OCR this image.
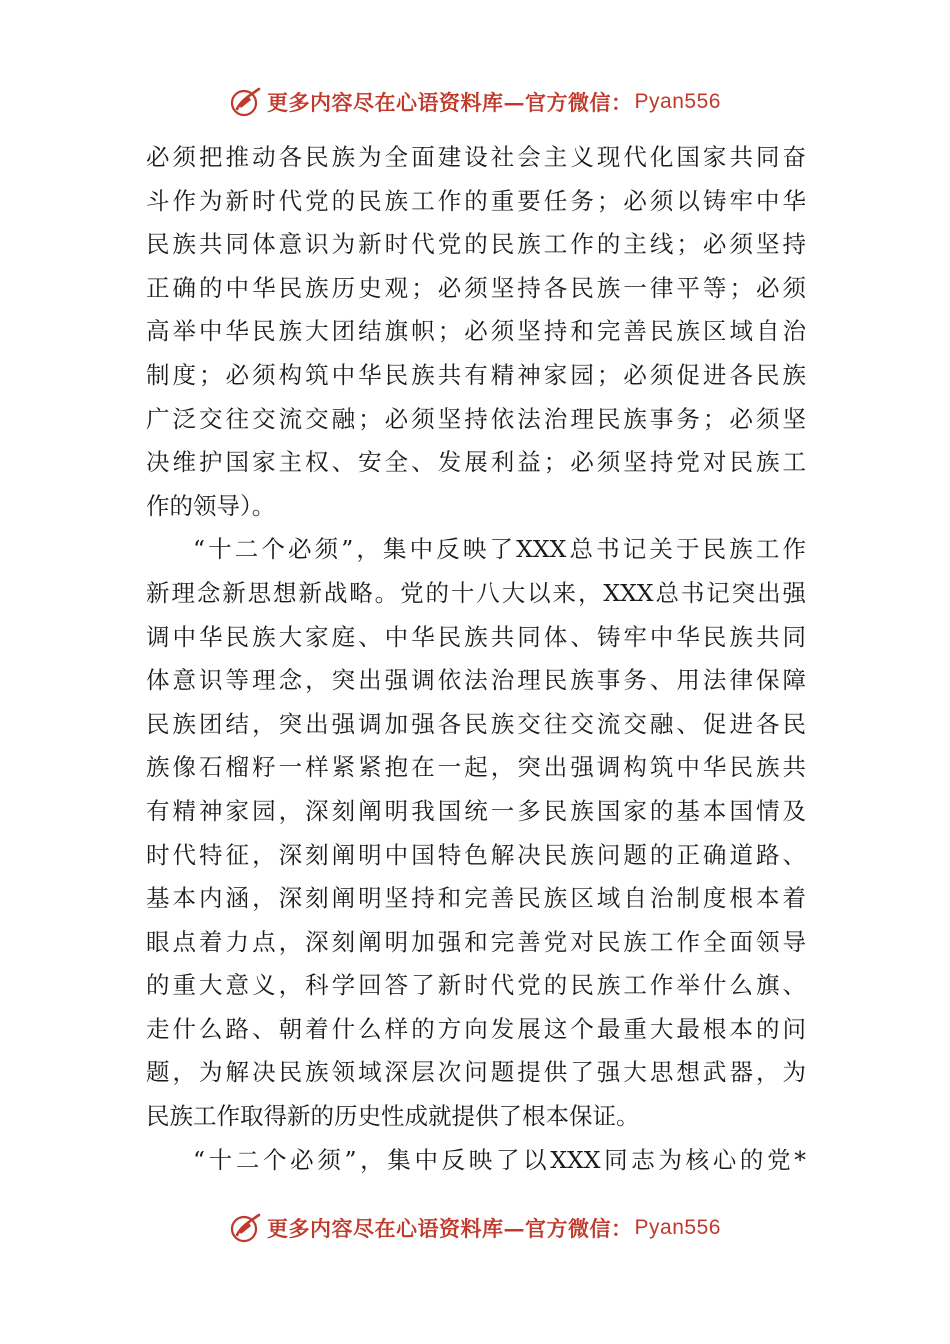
更多内容尽在心语资料库—官方微信： Pyan556
必须把推动各民族为全面建设社会主义现代化国家共同奋
斗作为新时代党的民族工作的重要任务；必须以铸牢中华
民族共同体意识为新时代党的民族工作的主线；必须坚持
正确的中华民族历史观；必须坚持各民族一律平等；必须
高举中华民族大团结旗帜；必须坚持和完善民族区域自治
制度；必须构筑中华民族共有精神家园；必须促进各民族
广泛交往交流交融；必须坚持依法治理民族事务；必须坚
决维护国家主权、安全、发展利益；必须坚持党对民族工
作的领导）。
“十二个必须”，集中反映了XXX总书记关于民族工作
新理念新思想新战略。党的十八大以来，XXX总书记突出强
调中华民族大家庭、中华民族共同体、铸牢中华民族共同
体意识等理念，突出强调依法治理民族事务、用法律保障
民族团结，突出强调加强各民族交往交流交融、促进各民
族像石榴籽一样紧紧抱在一起，突出强调构筑中华民族共
有精神家园，深刻阐明我国统一多民族国家的基本国情及
时代特征，深刻阐明中国特色解决民族问题的正确道路、
基本内涵，深刻阐明坚持和完善民族区域自治制度根本着
眼点着力点，深刻阐明加强和完善党对民族工作全面领导
的重大意义，科学回答了新时代党的民族工作举什么旗、
走什么路、朝着什么样的方向发展这个最重大最根本的问
题，为解决民族领域深层次问题提供了强大思想武器，为
民族工作取得新的历史性成就提供了根本保证。
“十二个必须”，集中反映了以XXX同志为核心的党*
更多内容尽在心语资料库—官方微信： Pyan556
